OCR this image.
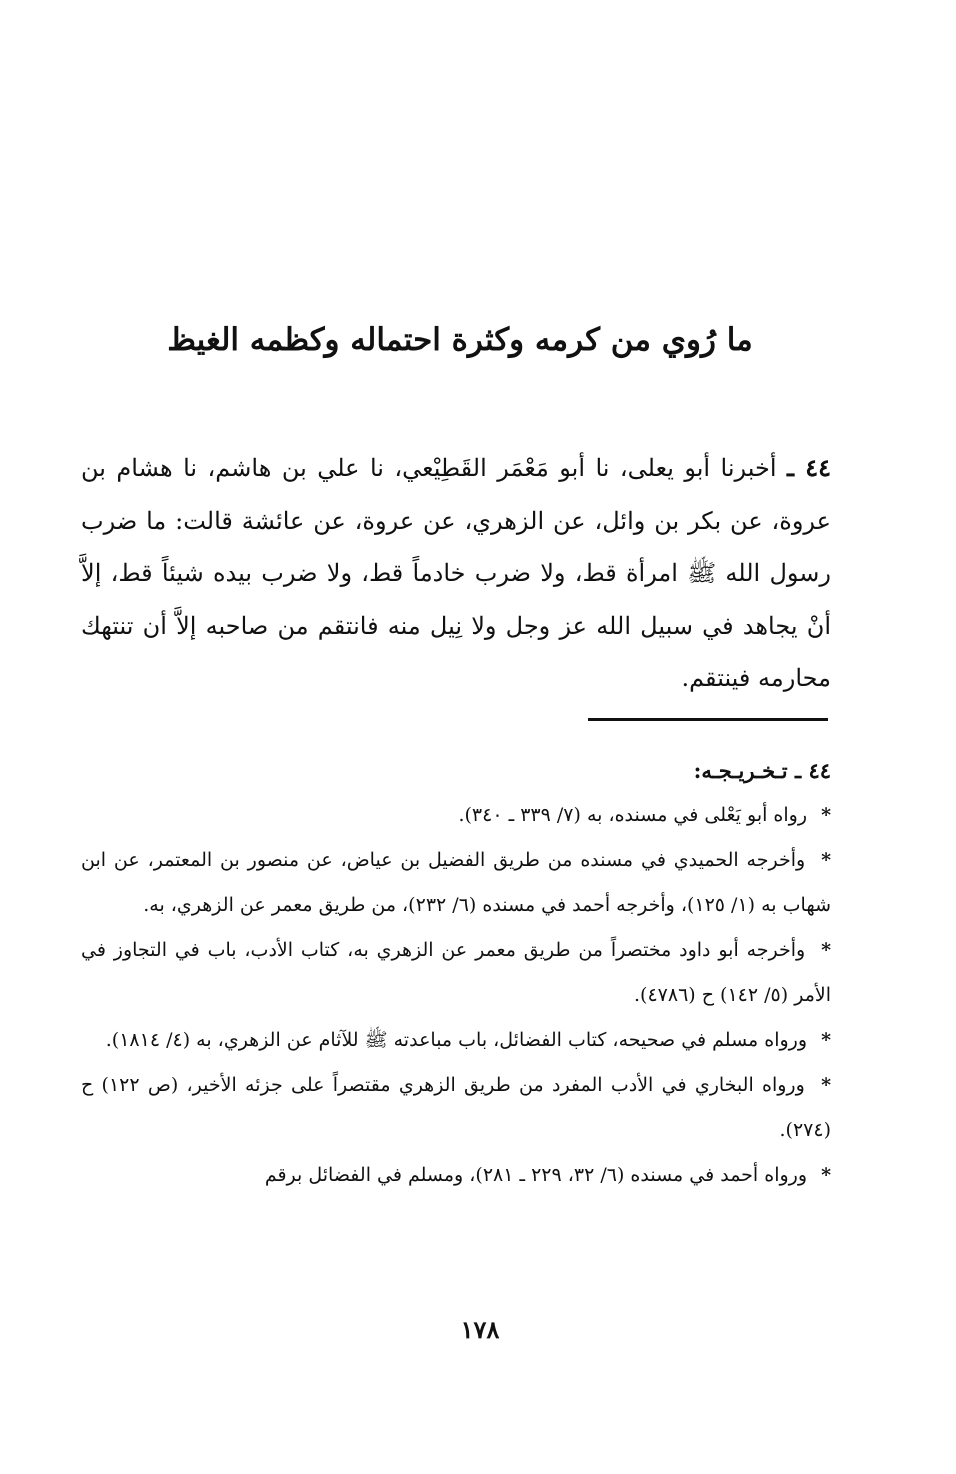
ما رُوي من كرمه وكثرة احتماله وكظمه الغيظ

٤٤ ـ أخبرنا أبو يعلى، نا أبو مَعْمَر القَطِيْعي، نا علي بن هاشم، نا هشام بن عروة، عن بكر بن وائل، عن الزهري، عن عروة، عن عائشة قالت: ما ضرب رسول الله ﷺ امرأة قط، ولا ضرب خادماً قط، ولا ضرب بيده شيئاً قط، إلاَّ أنْ يجاهد في سبيل الله عز وجل ولا نِيل منه فانتقم من صاحبه إلاَّ أن تنتهك محارمه فينتقم.

٤٤ ـ تـخـريـجـه:
* رواه أبو يَعْلى في مسنده، به (٧/ ٣٣٩ ـ ٣٤٠).
* وأخرجه الحميدي في مسنده من طريق الفضيل بن عياض، عن منصور بن المعتمر، عن ابن شهاب به (١/ ١٢٥)، وأخرجه أحمد في مسنده (٦/ ٢٣٢)، من طريق معمر عن الزهري، به.
* وأخرجه أبو داود مختصراً من طريق معمر عن الزهري به، كتاب الأدب، باب في التجاوز في الأمر (٥/ ١٤٢) ح (٤٧٨٦).
* ورواه مسلم في صحيحه، كتاب الفضائل، باب مباعدته ﷺ للآثام عن الزهري، به (٤/ ١٨١٤).
* ورواه البخاري في الأدب المفرد من طريق الزهري مقتصراً على جزئه الأخير، (ص ١٢٢) ح (٢٧٤).
* ورواه أحمد في مسنده (٦/ ٣٢، ٢٢٩ ـ ٢٨١)، ومسلم في الفضائل برقم
١٧٨
